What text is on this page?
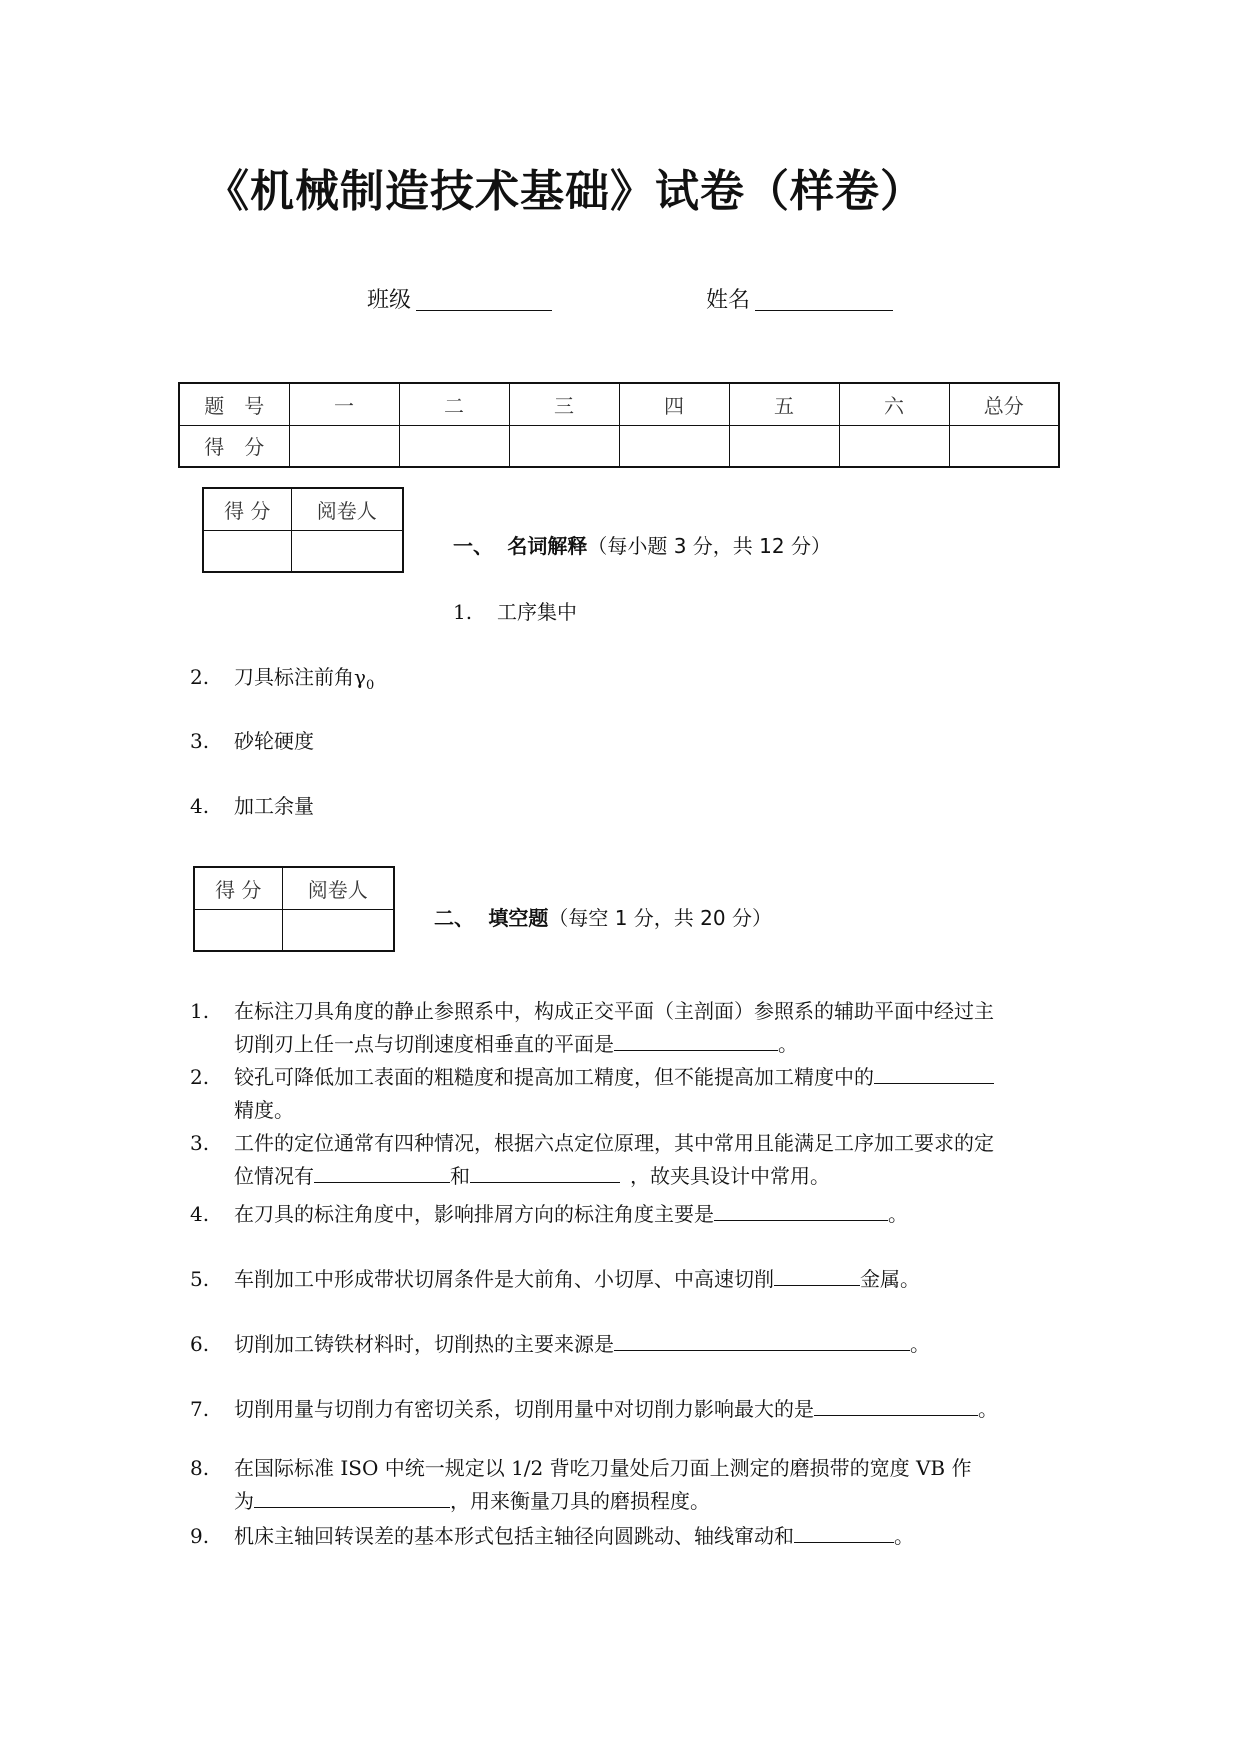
《机械制造技术基础》试卷（样卷）
班级	姓名
题　号	一	二	三	四	五	六	总分
得　分							
得 分	阅卷人

一、 名词解释（每小题 3 分，共 12 分）
1. 工序集中
2. 刀具标注前角$\gamma_0$
3. 砂轮硬度
4. 加工余量
得 分	阅卷人

二、 填空题（每空 1 分，共 20 分）
1.	在标注刀具角度的静止参照系中，构成正交平面（主剖面）参照系的辅助平面中经过主
切削刃上任一点与切削速度相垂直的平面是	。
2.	铰孔可降低加工表面的粗糙度和提高加工精度，但不能提高加工精度中的
精度。
3.	工件的定位通常有四种情况，根据六点定位原理，其中常用且能满足工序加工要求的定
位情况有	和	，故夹具设计中常用。
4. 在刀具的标注角度中，影响排屑方向的标注角度主要是	。
5. 车削加工中形成带状切屑条件是大前角、小切厚、中高速切削	金属。
6. 切削加工铸铁材料时，切削热的主要来源是	。
7. 切削用量与切削力有密切关系，切削用量中对切削力影响最大的是	。
8.	在国际标准 ISO 中统一规定以 1/2 背吃刀量处后刀面上测定的磨损带的宽度 VB 作
为	，用来衡量刀具的磨损程度。
9. 机床主轴回转误差的基本形式包括主轴径向圆跳动、轴线窜动和	。
